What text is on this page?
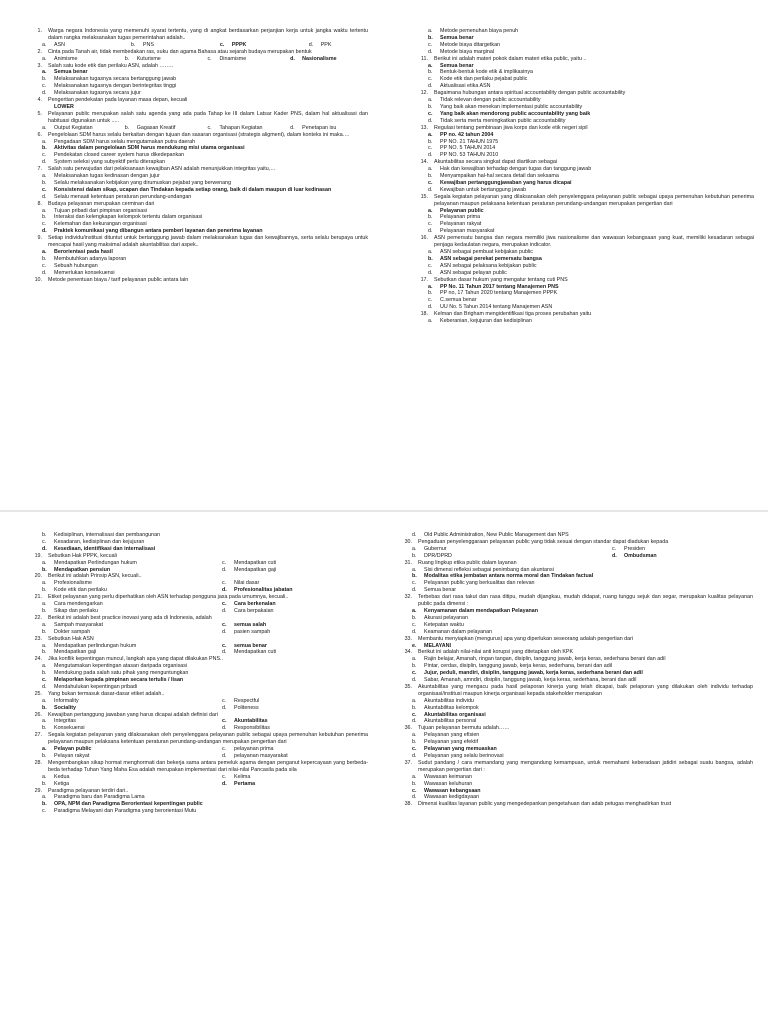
1.	Warga negara Indonesia yang memenuhi syarat tertentu, yang di angkat berdasarkan perjanjian kerja untuk jangka waktu tertentu dalam rangka melaksanakan tugas pemerintahan adalah..
a.	ASN	b.	PNS	c.	PPPK	d.	PPK
2.	Cinta pada Tanah air, tidak membedakan ras, suku dan agama Bahasa atau sejarah budaya merupakan bentuk
a.	Animisme	b.	Kuturisme	c.	Dinamisme	d.	Nasionalisme
3.	Salah satu kode etik dan perilaku ASN, adalah ……..
a.	Semua benar
b.	Melaksanakan tugasnya secara bertanggung jawab
c.	Melaksanakan tugasnya dengan berintegritas tinggi
d.	Melaksanakan tugasnya secara jujur
4.	Pengertian pendekatan pada layanan masa depan, kecuali
LOWER
5.	Pelayanan public merupakan salah satu agenda yang ada pada Tahap ke III dalam Latsar Kader PNS, dalam hal aktualisasi dan habituasi digunakan untuk .....
a.	Output Kegiatan	b.	Gagasan Kreatif	c.	Tahapan Kegiatan	d.	Penetapan isu
6.	Pengelolaan SDM harus selalu berkaitan dengan tujuan dan sasaran organisasi (strategis aligment), dalam konteks ini maka….
a.	Pengadaan SDM harus selalu mengutamakan putra daerah
b.	Aktivitas dalam pengelolaan SDM harus mendukung misi utama organisasi
c.	Pendekatan closed career system harus dikedepankan
d.	System seleksi yang subyektif perlu diterapkan
7.	Salah satu perwujudan dari pelaksanaan kewajiban ASN adalah menunjukkan integritas yaitu,…
a.	Melaksanakan tugas kedinasan dengan jujur
b.	Selalu melaksanakan kebijakan yang dirumuskan pejabat yang berwenang
c.	Konsistensi dalam sikap, ucapan dan Tindakan kepada setiap orang, baik di dalam maupun di luar kedinasan
d.	Selalu menaati ketentuan peraturan perundang-undangan
8.	Budaya pelayanan merupakan cerminan dari
a.	Tujuan pribadi dari pimpinan organisasi
b.	Interaksi dan kelengkapan kelompok tertentu dalam organisasi
c.	Kelemahan dan kekurangan organisasi
d.	Praktek komunikasi yang dibangun antara pemberi layanan dan penerima layanan
9.	Setiap individu/institusi dituntut untuk bertanggung jawab dalam melaksanakan tugas dan kewajibannya, serta selalu berupaya untuk mencapai hasil yang maksimal adalah akuntabilitas dari aspek..
a.	Berorientasi pada hasil
b.	Membutuhkan adanya laporan
c.	Sebuah hubungan
d.	Memerlukan konsekuensi
10.	Metode penentuan biaya / tarif pelayanan public antara lain
a.	Metode pemenuhan biaya penuh
b.	Semua benar
c.	Metode biaya ditargetkan
d.	Metode biaya marginal
11.	Berikut ini adalah materi pokok dalam materi etika public, yaitu ..
a.	Semua benar
b.	Bentuk-bentuk kode etik & implikasinya
c.	Kode etik dan perilaku pejabat public
d.	Aktualisasi etika ASN
12.	Bagaimana hubungan antara spiritual accountability dengan public accountability
a.	Tidak relevan dengan public accountability
b.	Yang baik akan menekan implementasi public accountability
c.	Yang baik akan mendorong public accountability yang baik
d.	Tidak serta merta meningkatkan public accountability
13.	Regulasi tentang pembinaan jiwa korps dan kode etik negeri sipil
a.	PP no. 42 tahun 2004
b.	PP NO. 21 TAHUN 1975
c.	PP NO. 5 TAHUN 2014
d.	PP NO. 53 TAHUN 2010
14.	Akuntabilitas secara singkat dapat diartikan sebagai
a.	Hak dan kewajiban terhadap dengan tugas dan tanggung jawab
b.	Menyampaikan hal-hal secara detail dan seksama
c.	Kewajiban pertanggungjawaban yang harus dicapai
d.	Kewajiban untuk bertanggung jawab
15.	Segala kegiatan pelayanan yang dilaksanakan oleh penyelenggara pelayanan public sebagai upaya pemenuhan kebutuhan penerima pelayanan maupun pelaksana ketentuan peraturan perundang-undangan merupakan pengertian dari
a.	Pelayanan public
b.	Pelayanan prima
c.	Pelayanan rakyat
d.	Pelayanan masyarakat
16.	ASN pemersatu bangsa dan negara memiliki jiwa nasionalisme dan wawasan kebangsaan yang kuat, memiliki kesadaran sebagai penjaga kedaulatan negara, merupakan indicator.
a.	ASN sebagai pembuat kebijakan public
b.	ASN sebagai perekat pemersatu bangsa
c.	ASN sebagai pelaksana kebijakan public
d.	ASN sebagai pelayan public
17.	Sebutkan dasar hukum yang mengatur tentang cuti PNS
a.	PP No. 11 Tahun 2017 tentang Manajemen PNS
b.	PP no, 17 Tahun 2020 tentang Manajemen PPPK
c.	C.semua benar
d.	UU No. 5 Tahun 2014 tentang Manajemen ASN
18.	Kelman dan Brigham mengidentifikasi tiga proses perubahan yaitu
a.	Keberanian, kejujuran dan kedisiplinan
b.	Kedisiplinan, internalisasi dan pembangunan
c.	Kesadaran, kedisiplinan dan kejujuran
d.	Kesediaan, identifikasi dan internalisasi
19.	Sebutkan Hak PPPK, kecuali
a.	Mendapatkan Perlindungan hukum	c.	Mendapatkan cuti
b.	Mendapatkan pensiun	d.	Mendapatkan gaji
20.	Berikut ini adalah Prinsip ASN, kecuali..
a.	Profesionalisme	c.	Nilai dasar
b.	Kode etik dan perilaku	d.	Profesionalitas jabatan
21.	Etiket pelayanan yang perlu diperhatikan oleh ASN terhadap pengguna jasa pada umumnya, kecuali..
a.	Cara mendengarkan	c.	Cara berkenalan
b.	Sikap dan perilaku	d.	Cara berpakaian
22.	Berikut ini adalah best practice inovasi yang ada di Indonesia, adalah
a.	Sampah masyarakat	c.	semua salah
b.	Dokter sampah	d.	pasien sampah
23.	Sebutkan Hak ASN
a.	Mendapatkan perlindungan hukum	c.	semua benar
b.	Mendapatkan gaji	d.	Mendapatkan cuti
24.	Jika konflik kepentingan muncul, langkah apa yang dapat dilakukan PNS..
a.	Mengutamakan kepentingan atasan daripada organisasi
b.	Mendukung pada salah satu pihak yang menguntungkan
c.	Melaporkan kepada pimpinan secara tertulis / lisan
d.	Mendahulukan kepentingan pribadi
25.	Yang bukan termasuk dasar-dasar etiket adalah..
a.	Informality	c.	Respectful
b.	Sociality	d.	Politeness
26.	Kewajiban pertanggung jawaban yang harus dicapai adalah definisi dari
a.	Integritas	c.	Akuntabilitas
b.	Konsekuensi	d.	Responsibilitas
27.	Segala kegiatan pelayanan yang dilaksanakan oleh penyelenggara pelayanan public sebagai upaya pemenuhan kebutuhan penerima pelayanan maupun pelaksana ketentuan peraturan perundang-undangan merupakan pengertian dari
a.	Pelayan public	c.	pelayanan prima
b.	Pelayan rakyat	d.	pelayanan masyarakat
28.	Mengembangkan sikap hormat menghormati dan bekerja sama antara pemeluk agama dengan penganut kepercayaan yang berbeda-beda terhadap Tuhan Yang Maha Esa adalah merupakan implementasi dari nilai-nilai Pancasila pada sila
a.	Kedua	c.	Kelima
b.	Ketiga	d.	Pertama
29.	Paradigma pelayanan terdiri dari..
a.	Paradigma baru dan Paradigma Lama
b.	OPA, NPM dan Paradigma Berorientasi kepentingan public
c.	Paradigma Melayani dan Paradigma yang berorientasi Mutu
d.	Old Public Administration, New Public Management dan NPS
30.	Pengaduan penyelenggaraan pelayanan public yang tidak sesuai dengan standar dapat diadukan kepada
a.	Gubernur	c.	Presiden
b.	DPR/DPRD	d.	Ombudsman
31.	Ruang lingkup etika public dalam layanan
a.	Sisi dimensi refleksi sebagai penimbang dan akuntansi
b.	Modalitas etika jembatan antara norma moral dan Tindakan factual
c.	Pelayanan public yang berkualitas dan relevan
d.	Semua benar
32.	Terbebas dari rasa takut dan rasa ditipu, mudah dijangkau, mudah didapat, ruang tunggu sejuk dan segar, merupakan kualitas pelayanan public pada dimensi :
a.	Kenyamanan dalam mendapatkan Pelayanan
b.	Akurasi pelayanan
c.	Ketepatan waktu
d.	Keamanan dalam pelayanan
33.	Membantu menyiapkan (mengurus) apa yang diperlukan seseorang adalah pengertian dari
e.	MELAYANI
34.	Berikut ini adalah nilai-nilai anti korupsi yang ditetapkan oleh KPK
a.	Rajin belajar, Amanah, ringan tangan, disiplin, tanggung jawab, kerja keras, sederhana berani dan adil
b.	Pintar, cerdas, disiplin, tanggung jawab, kerja keras, sederhana, berani dan adil
c.	Jujur, peduli, mandiri, disiplin, tanggung jawab, kerja keras, sederhana berani dan adil
d.	Sabar, Amanah, amndiri, disiplin, tanggung jawab, kerja keras, sederhana, berani dan adil
35.	Akuntabilitas yang mengacu pada hasil pelaporan kinerja yang telah dicapai, baik pelaporan yang dilakukan oleh individu terhadap organisasi/institusi maupun kinerja organisasi kepada stakeholder merupakan
a.	Akuntabilitas individu
b.	Akuntabilitas kelompok
c.	Akuntabilitas organisasi
d.	Akuntabilitas personal
36.	Tujuan pelayanan bermutu adalah……
a.	Pelayanan yang efisien
b.	Pelayanan yang efektif
c.	Pelayanan yang memuaskan
d.	Pelayanan yang selalu berinovasi
37.	Sudut pandang / cara memandang yang mengandung kemampuan, untuk memahami keberadaan jatidiri sebagai suatu bangsa, adalah merupakan pengertian dari :
a.	Wawasan keimanan
b.	Wawasan keluhuran
c.	Wawasan kebangsaan
d.	Wawasan kedigdayaan
38.	Dimensi kualitas layanan public yang mengedepankan pengetahuan dan adab petugas menghadirkan trust
